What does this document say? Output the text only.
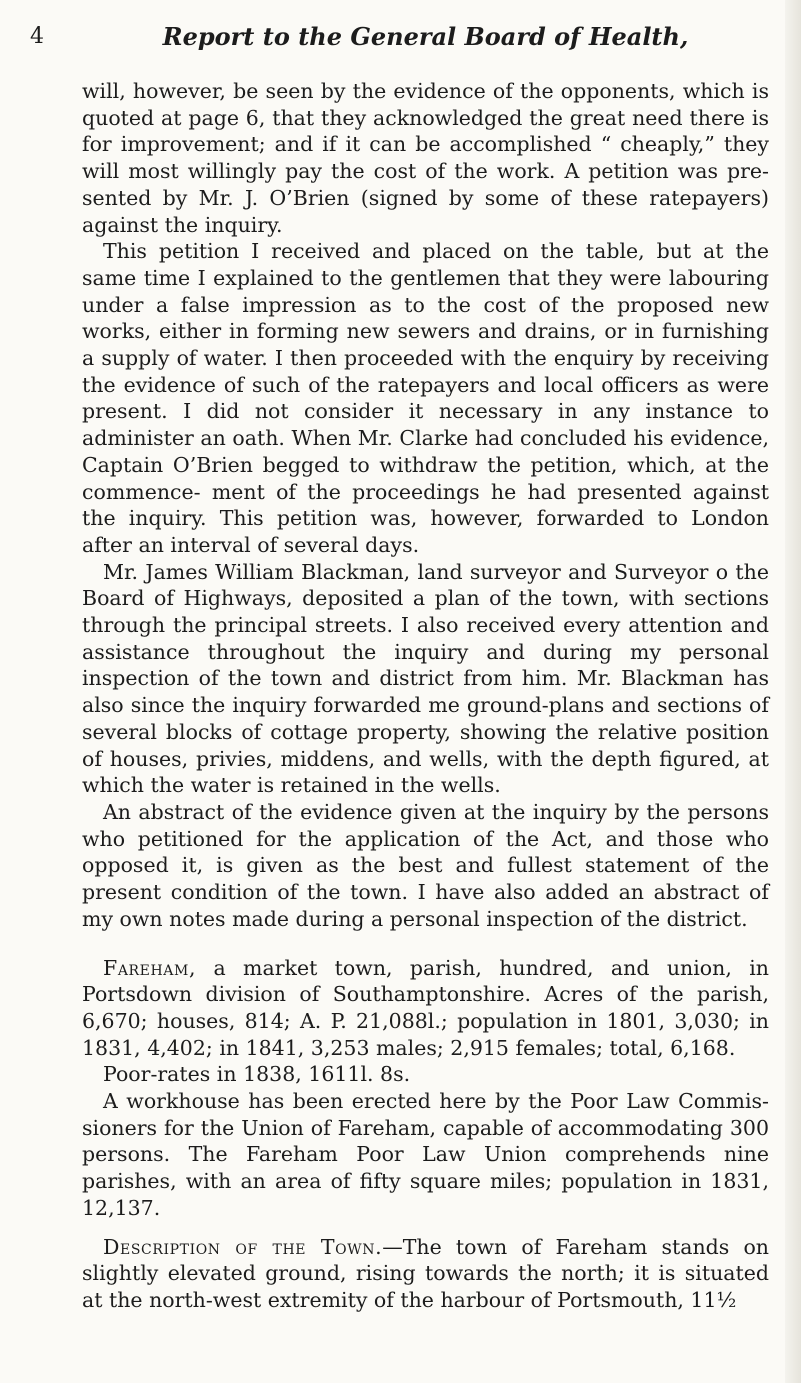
4	Report to the General Board of Health,

will, however, be seen by the evidence of the opponents, which is quoted at page 6, that they acknowledged the great need there is for improvement; and if it can be accomplished “ cheaply,” they will most willingly pay the cost of the work. A petition was pre- sented by Mr. J. O’Brien (signed by some of these ratepayers) against the inquiry.

This petition I received and placed on the table, but at the same time I explained to the gentlemen that they were labouring under a false impression as to the cost of the proposed new works, either in forming new sewers and drains, or in furnishing a supply of water. I then proceeded with the enquiry by receiving the evidence of such of the ratepayers and local officers as were present. I did not consider it necessary in any instance to administer an oath. When Mr. Clarke had concluded his evidence, Captain O’Brien begged to withdraw the petition, which, at the commence- ment of the proceedings he had presented against the inquiry. This petition was, however, forwarded to London after an interval of several days.

Mr. James William Blackman, land surveyor and Surveyor o the Board of Highways, deposited a plan of the town, with sections through the principal streets. I also received every attention and assistance throughout the inquiry and during my personal inspection of the town and district from him. Mr. Blackman has also since the inquiry forwarded me ground-plans and sections of several blocks of cottage property, showing the relative position of houses, privies, middens, and wells, with the depth figured, at which the water is retained in the wells.

An abstract of the evidence given at the inquiry by the persons who petitioned for the application of the Act, and those who opposed it, is given as the best and fullest statement of the present condition of the town. I have also added an abstract of my own notes made during a personal inspection of the district.

Fareham, a market town, parish, hundred, and union, in Portsdown division of Southamptonshire. Acres of the parish, 6,670; houses, 814; A. P. 21,088l.; population in 1801, 3,030; in 1831, 4,402; in 1841, 3,253 males; 2,915 females; total, 6,168.

Poor-rates in 1838, 1611l. 8s.

A workhouse has been erected here by the Poor Law Commis- sioners for the Union of Fareham, capable of accommodating 300 persons. The Fareham Poor Law Union comprehends nine parishes, with an area of fifty square miles; population in 1831, 12,137.

Description of the Town.—The town of Fareham stands on slightly elevated ground, rising towards the north; it is situated at the north-west extremity of the harbour of Portsmouth, 11½
